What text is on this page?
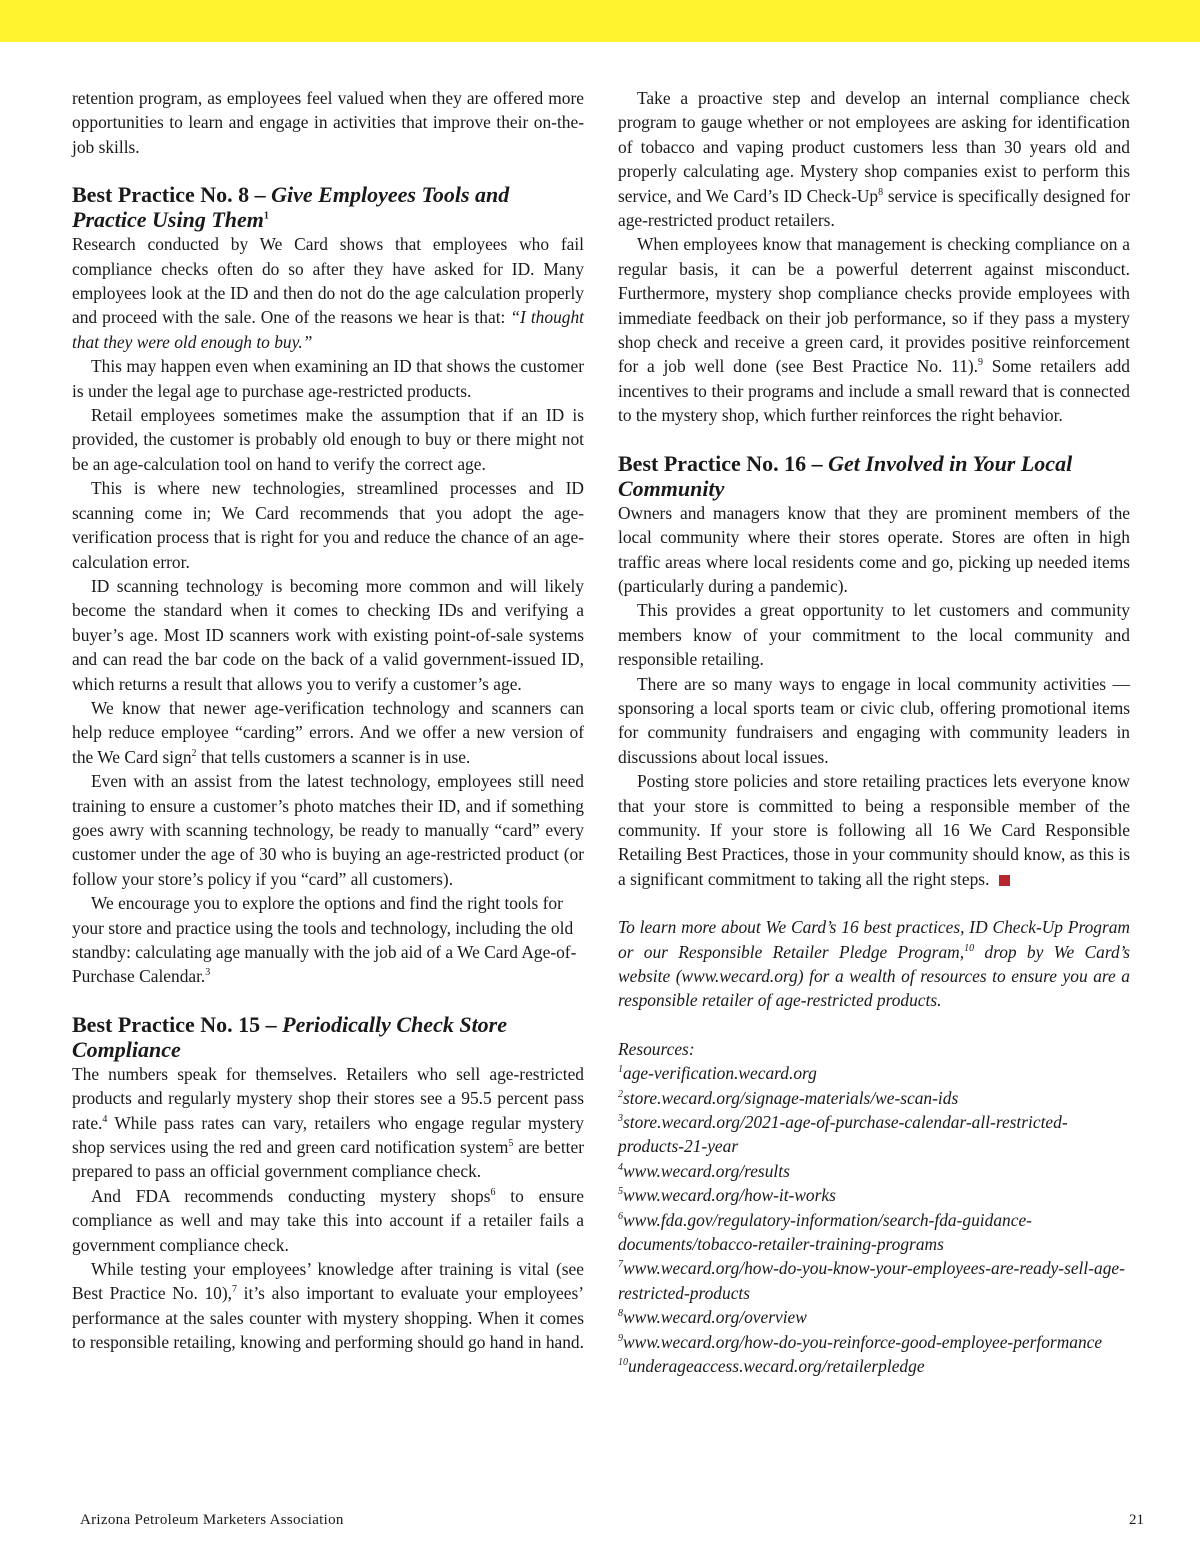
retention program, as employees feel valued when they are offered more opportunities to learn and engage in activities that improve their on-the-job skills.

Best Practice No. 8 – Give Employees Tools and Practice Using Them$^1$

Research conducted by We Card shows that employees who fail compliance checks often do so after they have asked for ID. Many employees look at the ID and then do not do the age calculation properly and proceed with the sale. One of the reasons we hear is that: “I thought that they were old enough to buy.”

This may happen even when examining an ID that shows the customer is under the legal age to purchase age-restricted products.

Retail employees sometimes make the assumption that if an ID is provided, the customer is probably old enough to buy or there might not be an age-calculation tool on hand to verify the correct age.

This is where new technologies, streamlined processes and ID scanning come in; We Card recommends that you adopt the age-verification process that is right for you and reduce the chance of an age-calculation error.

ID scanning technology is becoming more common and will likely become the standard when it comes to checking IDs and verifying a buyer’s age. Most ID scanners work with existing point-of-sale systems and can read the bar code on the back of a valid government-issued ID, which returns a result that allows you to verify a customer’s age.

We know that newer age-verification technology and scanners can help reduce employee “carding” errors. And we offer a new version of the We Card sign$^2$ that tells customers a scanner is in use.

Even with an assist from the latest technology, employees still need training to ensure a customer’s photo matches their ID, and if something goes awry with scanning technology, be ready to manually “card” every customer under the age of 30 who is buying an age-restricted product (or follow your store’s policy if you “card” all customers).

We encourage you to explore the options and find the right tools for your store and practice using the tools and technology, including the old standby: calculating age manually with the job aid of a We Card Age-of-Purchase Calendar.$^3$

Best Practice No. 15 – Periodically Check Store Compliance

The numbers speak for themselves. Retailers who sell age-restricted products and regularly mystery shop their stores see a 95.5 percent pass rate.$^4$ While pass rates can vary, retailers who engage regular mystery shop services using the red and green card notification system$^5$ are better prepared to pass an official government compliance check.

And FDA recommends conducting mystery shops$^6$ to ensure compliance as well and may take this into account if a retailer fails a government compliance check.

While testing your employees’ knowledge after training is vital (see Best Practice No. 10),$^7$ it’s also important to evaluate your employees’ performance at the sales counter with mystery shopping. When it comes to responsible retailing, knowing and performing should go hand in hand.

Take a proactive step and develop an internal compliance check program to gauge whether or not employees are asking for identification of tobacco and vaping product customers less than 30 years old and properly calculating age. Mystery shop companies exist to perform this service, and We Card’s ID Check-Up$^8$ service is specifically designed for age-restricted product retailers.

When employees know that management is checking compliance on a regular basis, it can be a powerful deterrent against misconduct. Furthermore, mystery shop compliance checks provide employees with immediate feedback on their job performance, so if they pass a mystery shop check and receive a green card, it provides positive reinforcement for a job well done (see Best Practice No. 11).$^9$ Some retailers add incentives to their programs and include a small reward that is connected to the mystery shop, which further reinforces the right behavior.

Best Practice No. 16 – Get Involved in Your Local Community

Owners and managers know that they are prominent members of the local community where their stores operate. Stores are often in high traffic areas where local residents come and go, picking up needed items (particularly during a pandemic).

This provides a great opportunity to let customers and community members know of your commitment to the local community and responsible retailing.

There are so many ways to engage in local community activities — sponsoring a local sports team or civic club, offering promotional items for community fundraisers and engaging with community leaders in discussions about local issues.

Posting store policies and store retailing practices lets everyone know that your store is committed to being a responsible member of the community. If your store is following all 16 We Card Responsible Retailing Best Practices, those in your community should know, as this is a significant commitment to taking all the right steps.

To learn more about We Card’s 16 best practices, ID Check-Up Program or our Responsible Retailer Pledge Program,$^{10}$ drop by We Card’s website (www.wecard.org) for a wealth of resources to ensure you are a responsible retailer of age-restricted products.

Resources:
$^1$age-verification.wecard.org
$^2$store.wecard.org/signage-materials/we-scan-ids
$^3$store.wecard.org/2021-age-of-purchase-calendar-all-restricted-products-21-year
$^4$www.wecard.org/results
$^5$www.wecard.org/how-it-works
$^6$www.fda.gov/regulatory-information/search-fda-guidance-documents/tobacco-retailer-training-programs
$^7$www.wecard.org/how-do-you-know-your-employees-are-ready-sell-age-restricted-products
$^8$www.wecard.org/overview
$^9$www.wecard.org/how-do-you-reinforce-good-employee-performance
$^{10}$underageaccess.wecard.org/retailerpledge
Arizona Petroleum Marketers Association	21
